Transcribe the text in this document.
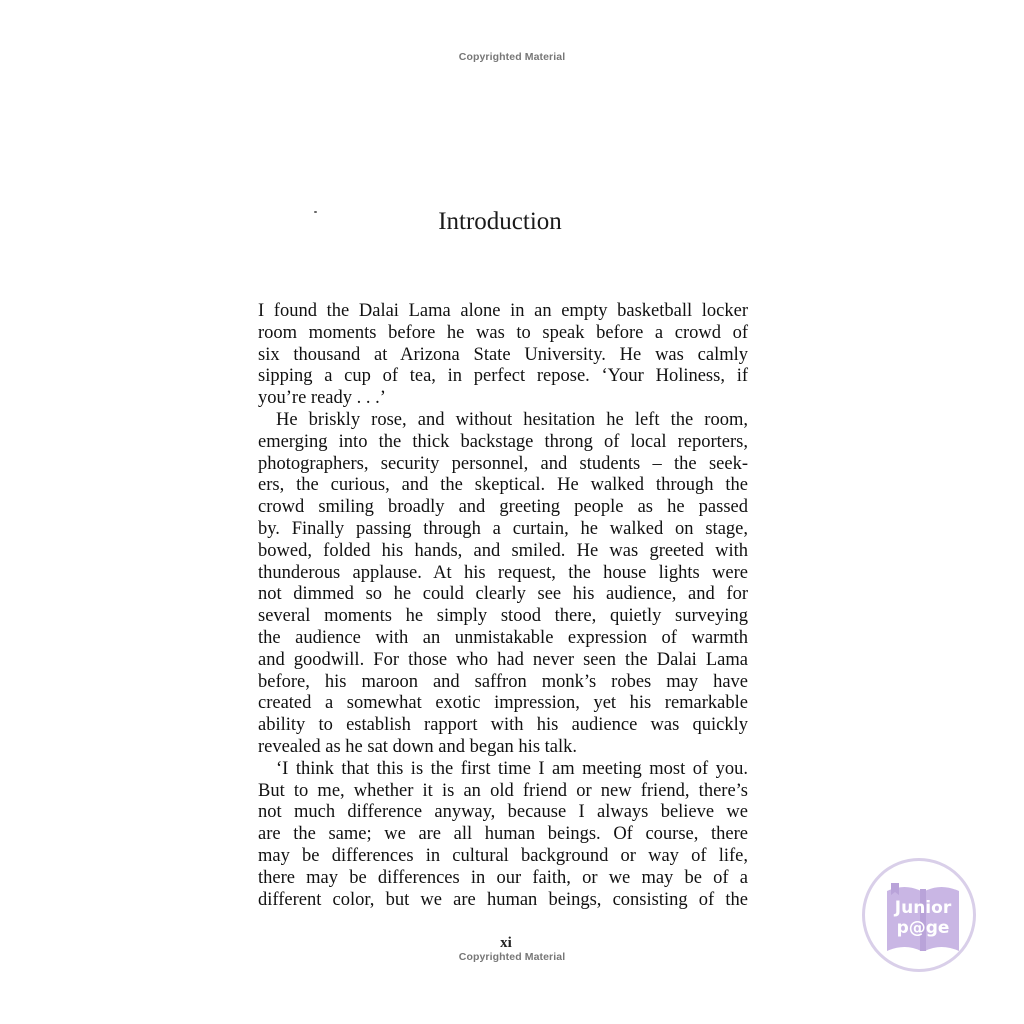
Copyrighted Material
Introduction
I found the Dalai Lama alone in an empty basketball locker
room moments before he was to speak before a crowd of
six thousand at Arizona State University. He was calmly
sipping a cup of tea, in perfect repose. ‘Your Holiness, if
you’re ready . . .’
He briskly rose, and without hesitation he left the room,
emerging into the thick backstage throng of local reporters,
photographers, security personnel, and students – the seek-
ers, the curious, and the skeptical. He walked through the
crowd smiling broadly and greeting people as he passed
by. Finally passing through a curtain, he walked on stage,
bowed, folded his hands, and smiled. He was greeted with
thunderous applause. At his request, the house lights were
not dimmed so he could clearly see his audience, and for
several moments he simply stood there, quietly surveying
the audience with an unmistakable expression of warmth
and goodwill. For those who had never seen the Dalai Lama
before, his maroon and saffron monk’s robes may have
created a somewhat exotic impression, yet his remarkable
ability to establish rapport with his audience was quickly
revealed as he sat down and began his talk.
‘I think that this is the first time I am meeting most of you.
But to me, whether it is an old friend or new friend, there’s
not much difference anyway, because I always believe we
are the same; we are all human beings. Of course, there
may be differences in cultural background or way of life,
there may be differences in our faith, or we may be of a
different color, but we are human beings, consisting of the
xi
Copyrighted Material
Junior
p@ge
